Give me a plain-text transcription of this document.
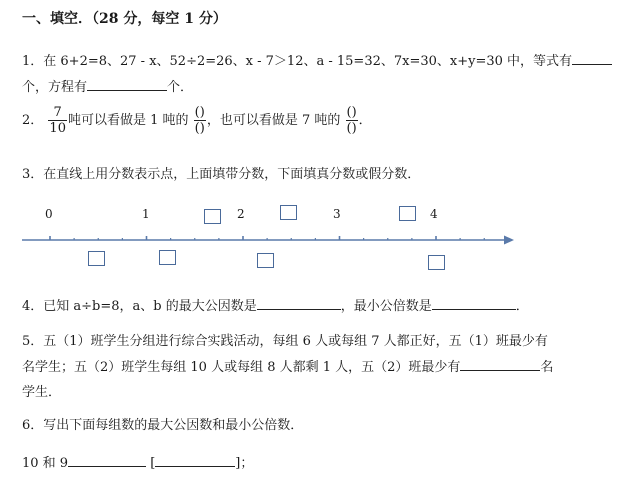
一、填空．（28 分，每空 1 分）
1．在 6+2=8、27 - x、52÷2=26、x - 7＞12、a - 15=32、7x=30、x+y=30 中，等式有
个，方程有	个．
2． $\frac{7}{10}$ 吨可以看做是 1 吨的 $\frac{()}{()}$ ，也可以看做是 7 吨的 $\frac{()}{()}$ ．
3．在直线上用分数表示点，上面填带分数，下面填真分数或假分数．
0	1	2	3	4
4．已知 a÷b=8，a、b 的最大公因数是	，最小公倍数是	．
5．五（1）班学生分组进行综合实践活动，每组 6 人或每组 7 人都正好，五（1）班最少有
名学生；五（2）班学生每组 10 人或每组 8 人都剩 1 人，五（2）班最少有	名
学生．
6．写出下面每组数的最大公因数和最小公倍数．
10 和 9	[	]；
